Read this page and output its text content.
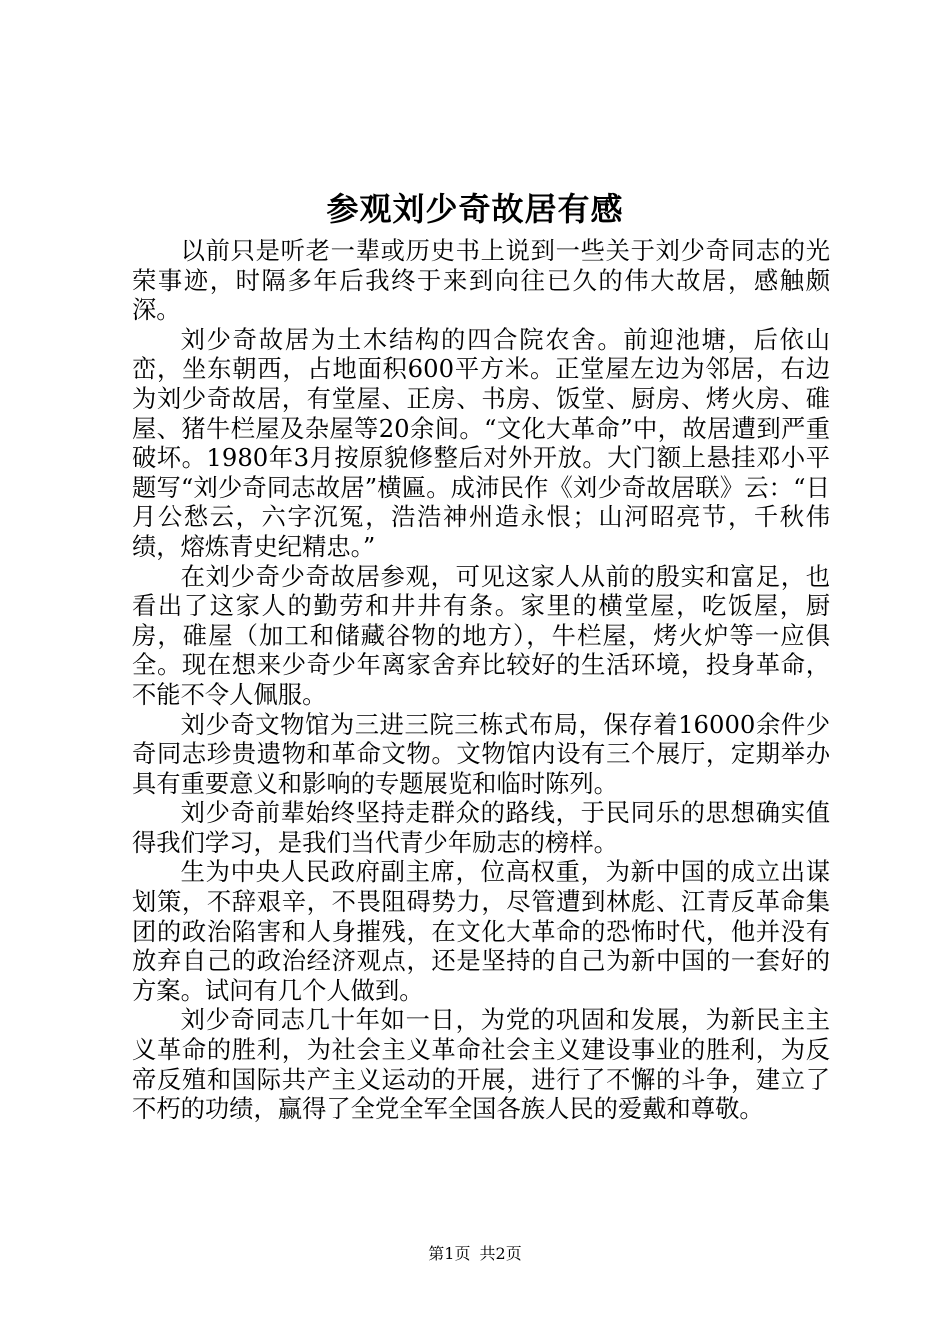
参观刘少奇故居有感

以前只是听老一辈或历史书上说到一些关于刘少奇同志的光荣事迹，时隔多年后我终于来到向往已久的伟大故居，感触颇深。

刘少奇故居为土木结构的四合院农舍。前迎池塘，后依山峦，坐东朝西，占地面积600平方米。正堂屋左边为邻居，右边为刘少奇故居，有堂屋、正房、书房、饭堂、厨房、烤火房、碓屋、猪牛栏屋及杂屋等20余间。“文化大革命”中，故居遭到严重破坏。1980年3月按原貌修整后对外开放。大门额上悬挂邓小平题写“刘少奇同志故居”横匾。成沛民作《刘少奇故居联》云：“日月公愁云，六字沉冤，浩浩神州造永恨；山河昭亮节，千秋伟绩，熔炼青史纪精忠。”

在刘少奇少奇故居参观，可见这家人从前的殷实和富足，也看出了这家人的勤劳和井井有条。家里的横堂屋，吃饭屋，厨房，碓屋（加工和储藏谷物的地方），牛栏屋，烤火炉等一应俱全。现在想来少奇少年离家舍弃比较好的生活环境，投身革命，不能不令人佩服。

刘少奇文物馆为三进三院三栋式布局，保存着16000余件少奇同志珍贵遗物和革命文物。文物馆内设有三个展厅，定期举办具有重要意义和影响的专题展览和临时陈列。

刘少奇前辈始终坚持走群众的路线，于民同乐的思想确实值得我们学习，是我们当代青少年励志的榜样。

生为中央人民政府副主席，位高权重，为新中国的成立出谋划策，不辞艰辛，不畏阻碍势力，尽管遭到林彪、江青反革命集团的政治陷害和人身摧残，在文化大革命的恐怖时代，他并没有放弃自己的政治经济观点，还是坚持的自己为新中国的一套好的方案。试问有几个人做到。

刘少奇同志几十年如一日，为党的巩固和发展，为新民主主义革命的胜利，为社会主义革命社会主义建设事业的胜利，为反帝反殖和国际共产主义运动的开展，进行了不懈的斗争，建立了不朽的功绩，赢得了全党全军全国各族人民的爱戴和尊敬。

第1页 共2页
